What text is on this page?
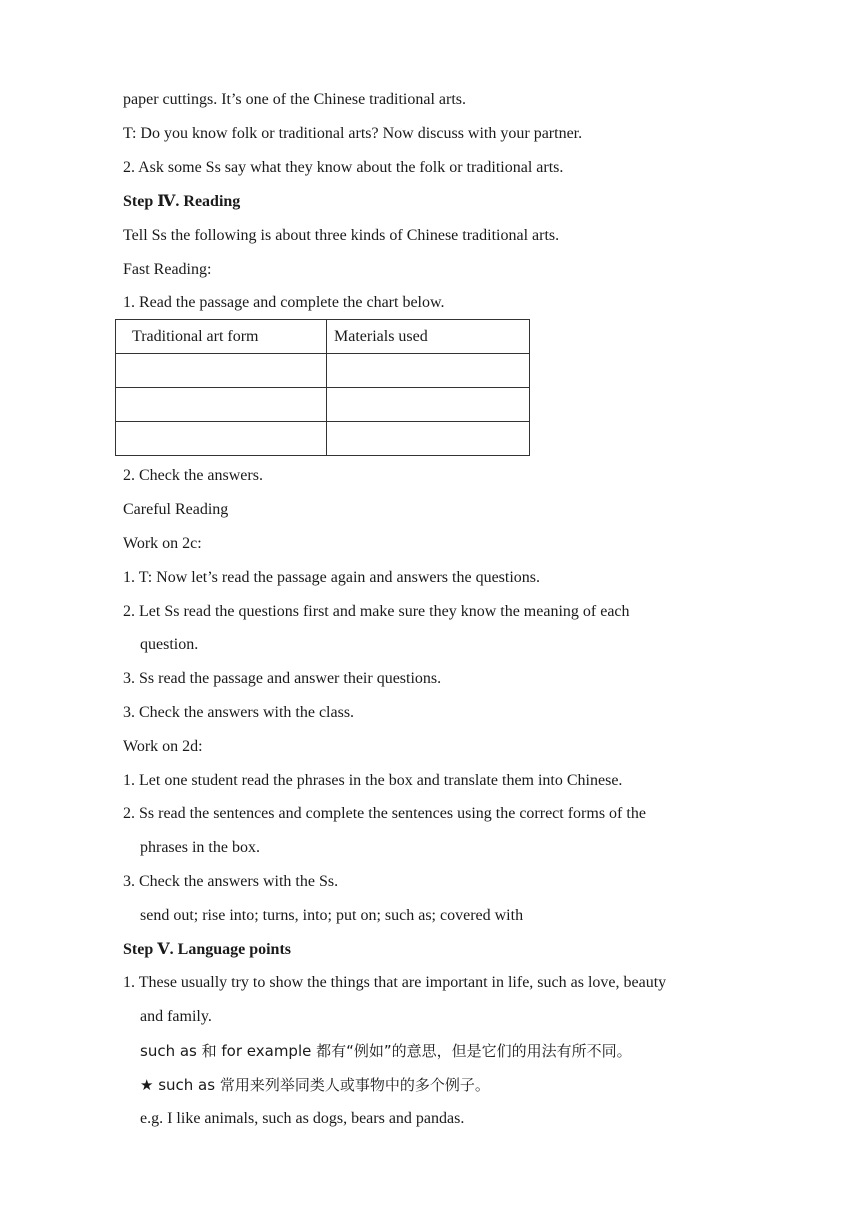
paper cuttings. It’s one of the Chinese traditional arts.
T: Do you know folk or traditional arts? Now discuss with your partner.
2. Ask some Ss say what they know about the folk or traditional arts.
Step Ⅳ. Reading
Tell Ss the following is about three kinds of Chinese traditional arts.
Fast Reading:
1. Read the passage and complete the chart below.
Traditional art form	Materials used

2. Check the answers.
Careful Reading
Work on 2c:
1. T: Now let’s read the passage again and answers the questions.
2. Let Ss read the questions first and make sure they know the meaning of each
question.
3. Ss read the passage and answer their questions.
3. Check the answers with the class.
Work on 2d:
1. Let one student read the phrases in the box and translate them into Chinese.
2. Ss read the sentences and complete the sentences using the correct forms of the
phrases in the box.
3. Check the answers with the Ss.
send out; rise into; turns, into; put on; such as; covered with
Step Ⅴ. Language points
1. These usually try to show the things that are important in life, such as love, beauty
and family.
such as 和 for example 都有“例如”的意思，但是它们的用法有所不同。
★ such as 常用来列举同类人或事物中的多个例子。
e.g. I like animals, such as dogs, bears and pandas.
